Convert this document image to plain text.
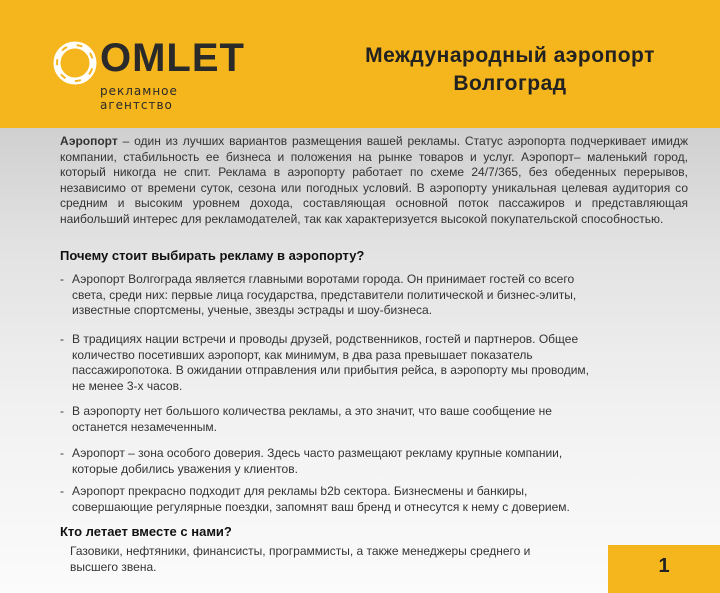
OMLET
рекламное агентство
Международный аэропорт
Волгоград
Аэропорт – один из лучших вариантов размещения вашей рекламы. Статус аэропорта подчеркивает имидж компании, стабильность ее бизнеса и положения на рынке товаров и услуг. Аэропорт– маленький город, который никогда не спит. Реклама в аэропорту работает по схеме 24/7/365, без обеденных перерывов, независимо от времени суток, сезона или погодных условий. В аэропорту уникальная целевая аудитория со средним и высоким уровнем дохода, составляющая основной поток пассажиров и представляющая наибольший интерес для рекламодателей, так как характеризуется высокой покупательской способностью.
Почему стоит выбирать рекламу в аэропорту?
- Аэропорт Волгограда является главными воротами города. Он принимает гостей со всего света, среди них: первые лица государства, представители политической и бизнес-элиты, известные спортсмены, ученые, звезды эстрады и шоу-бизнеса.
- В традициях нации встречи и проводы друзей, родственников, гостей и партнеров. Общее количество посетивших аэропорт, как минимум, в два раза превышает показатель пассажиропотока. В ожидании отправления или прибытия рейса, в аэропорту мы проводим, не менее 3-х часов.
- В аэропорту нет большого количества рекламы, а это значит, что ваше сообщение не останется незамеченным.
- Аэропорт – зона особого доверия. Здесь часто размещают рекламу крупные компании, которые добились уважения у клиентов.
- Аэропорт прекрасно подходит для рекламы b2b сектора. Бизнесмены и банкиры, совершающие регулярные поездки, запомнят ваш бренд и отнесутся к нему с доверием.
Кто летает вместе с нами?
Газовики, нефтяники, финансисты, программисты, а также менеджеры среднего и высшего звена.	1
